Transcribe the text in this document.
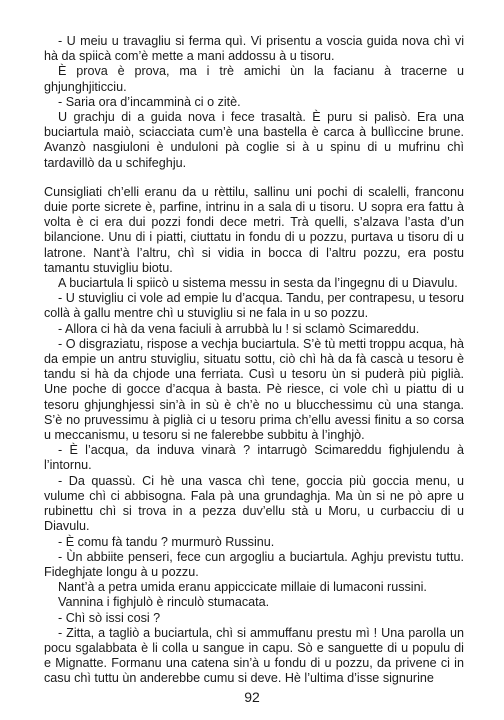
- U meiu u travagliu si ferma quì. Vi prisentu a voscia guida nova chì vi hà da spiicà com’è mette a mani addossu à u tisoru.

È prova è prova, ma i trè amichi ùn la facianu à tracerne u ghjunghjiticciu.

- Saria ora d’incamminà ci o zitè.

U grachju di a guida nova i fece trasaltà. È puru si palisò. Era una buciartula maiò, sciacciata cum’è una bastella è carca à bullìccine brune. Avanzò nasgiuloni è unduloni pà coglie si à u spinu di u mufrinu chì tardavillò da u schifeghju.

Cunsigliati ch’elli eranu da u rèttilu, sallinu uni pochi di scalelli, franconu duie porte sicrete è, parfine, intrinu in a sala di u tisoru. U sopra era fattu à volta è ci era dui pozzi fondi dece metri. Trà quelli, s’alzava l’asta d’un bilancione. Unu di i piatti, ciuttatu in fondu di u pozzu, purtava u tisoru di u latrone. Nant’à l’altru, chì si vidia in bocca di l’altru pozzu, era postu tamantu stuvigliu biotu.

A buciartula li spiicò u sistema messu in sesta da l’ingegnu di u Diavulu.

- U stuvigliu ci vole ad empie lu d’acqua. Tandu, per contrapesu, u tesoru collà à gallu mentre chì u stuvigliu si ne fala in u so pozzu.

- Allora ci hà da vena faciuli à arrubbà lu ! si sclamò Scimareddu.

- O disgraziatu, rispose a vechja buciartula. S’è tù metti troppu acqua, hà da empie un antru stuvigliu, situatu sottu, ciò chì hà da fà cascà u tesoru è tandu si hà da chjode una ferriata. Cusì u tesoru ùn si puderà più piglià. Une poche di gocce d’acqua à basta. Pè riesce, ci vole chì u piattu di u tesoru ghjunghjessi sin’à in sù è ch’è no u blucchessimu cù una stanga. S’è no pruvessimu à piglià ci u tesoru prima ch’ellu avessi finitu a so corsa u meccanismu, u tesoru si ne falerebbe subbitu à l’inghjò.

- È l’acqua, da induva vinarà ? intarrugò Scimareddu fighjulendu à l’intornu.

- Da quassù. Ci hè una vasca chì tene, goccia più goccia menu, u vulume chì ci abbisogna. Fala pà una grundaghja. Ma ùn si ne pò apre u rubinettu chì si trova in a pezza duv’ellu stà u Moru, u curbacciu di u Diavulu.

- È comu fà tandu ? murmurò Russinu.

- Ùn abbiite penseri, fece cun argogliu a buciartula. Aghju previstu tuttu. Fideghjate longu à u pozzu.

Nant’à a petra umida eranu appiccicate millaie di lumaconi russini.

Vannina i fighjulò è rinculò stumacata.

- Chì sò issi cosi ?

- Zitta, a tagliò a buciartula, chì si ammuffanu prestu mì ! Una parolla un pocu sgalabbata è li colla u sangue in capu. Sò e sanguette di u populu di e Mignatte. Formanu una catena sin’à u fondu di u pozzu, da privene ci in casu chì tuttu ùn anderebbe cumu si deve. Hè l’ultima d’isse signurine

92
